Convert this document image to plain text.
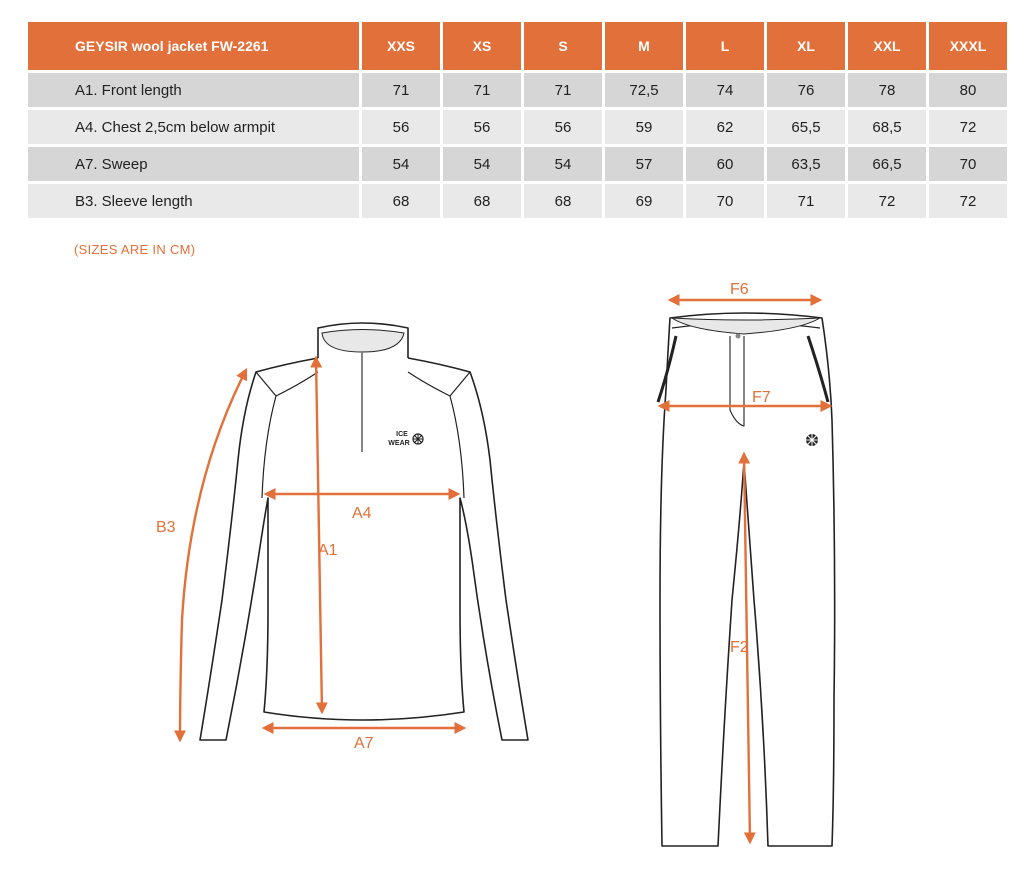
GEYSIR wool jacket FW-2261	XXS	XS	S	M	L	XL	XXL	XXXL
A1. Front length	71	71	71	72,5	74	76	78	80
A4. Chest 2,5cm below armpit	56	56	56	59	62	65,5	68,5	72
A7. Sweep	54	54	54	57	60	63,5	66,5	70
B3. Sleeve length	68	68	68	69	70	71	72	72
(SIZES ARE IN CM)
ICE
WEAR
A1
A4
A7
B3
F6
F7
F2
